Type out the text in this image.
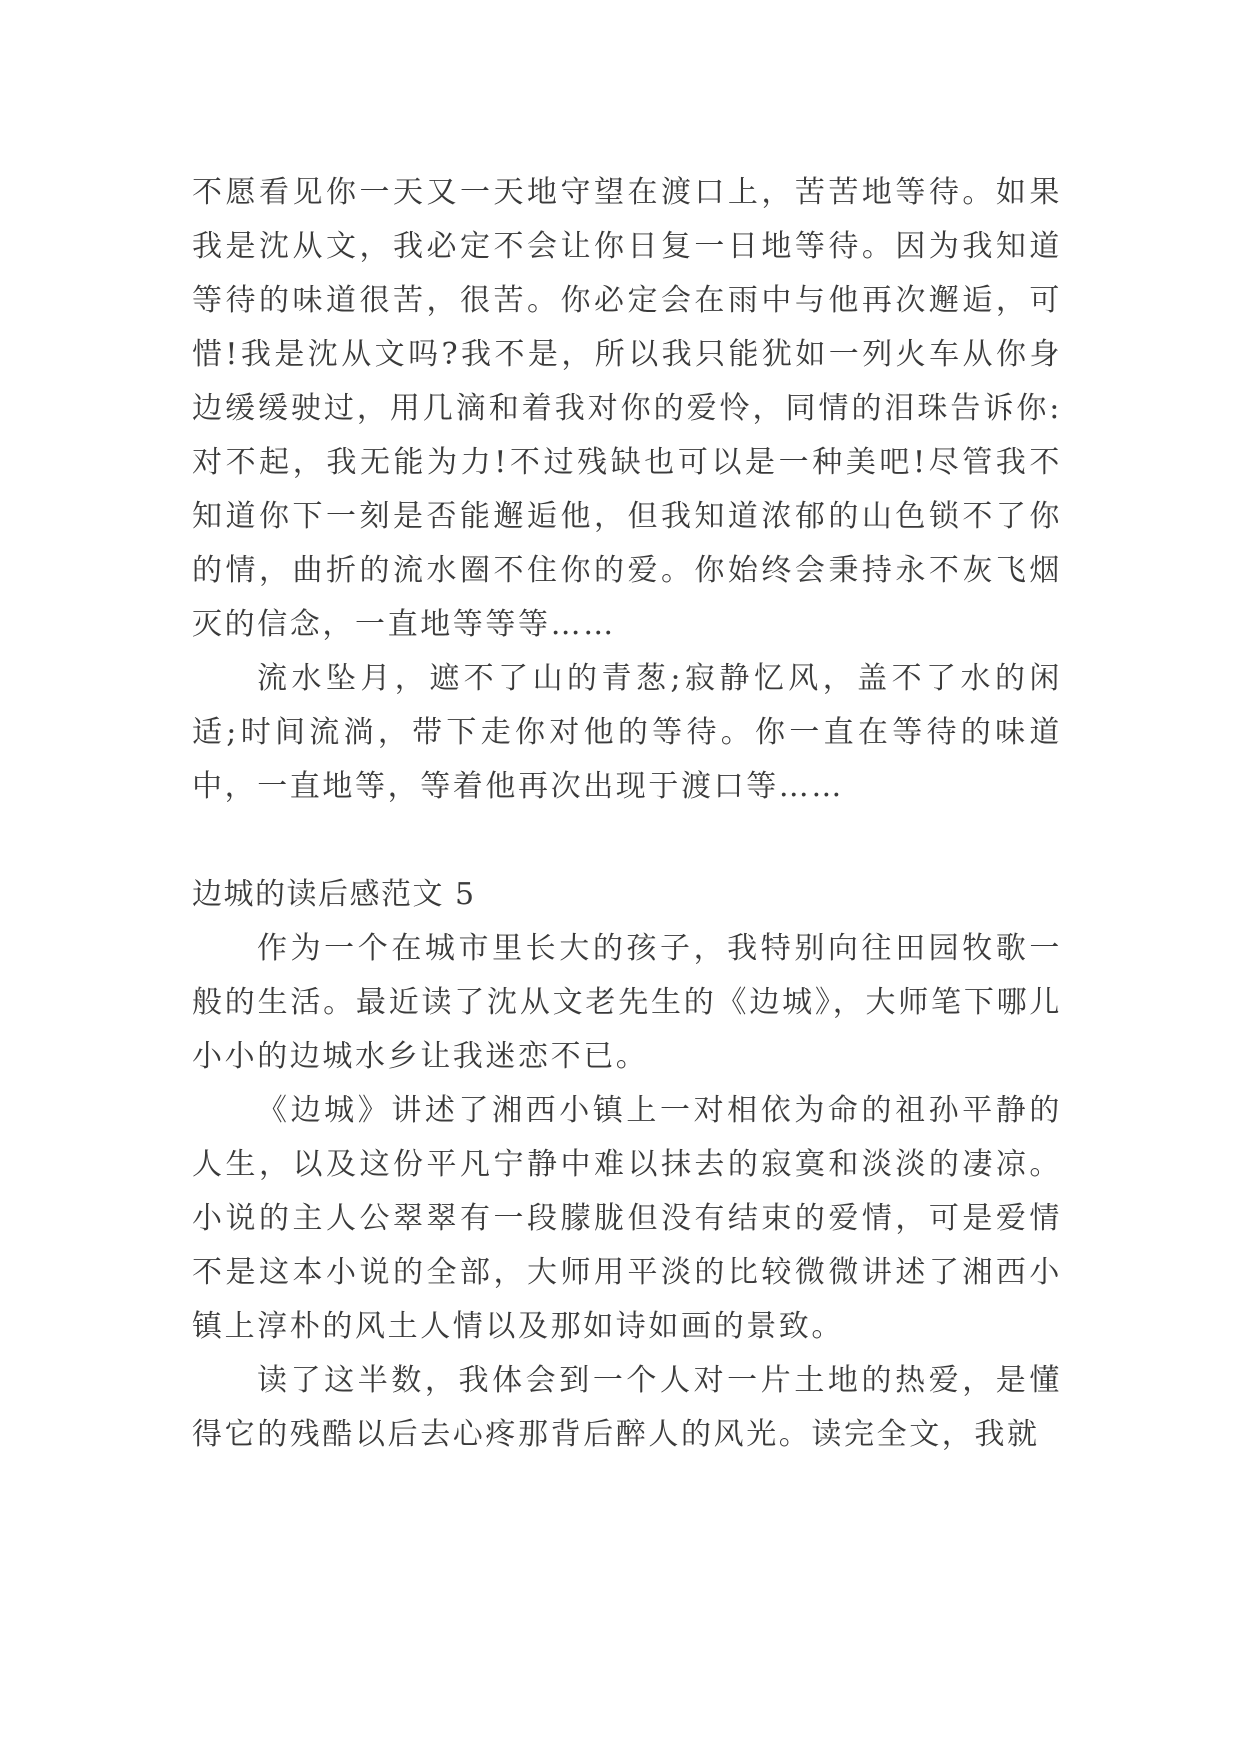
不愿看见你一天又一天地守望在渡口上，苦苦地等待。如果我是沈从文，我必定不会让你日复一日地等待。因为我知道等待的味道很苦，很苦。你必定会在雨中与他再次邂逅，可惜!我是沈从文吗?我不是，所以我只能犹如一列火车从你身边缓缓驶过，用几滴和着我对你的爱怜，同情的泪珠告诉你:对不起，我无能为力!不过残缺也可以是一种美吧!尽管我不知道你下一刻是否能邂逅他，但我知道浓郁的山色锁不了你的情，曲折的流水圈不住你的爱。你始终会秉持永不灰飞烟灭的信念，一直地等等等……

流水坠月，遮不了山的青葱;寂静忆风，盖不了水的闲适;时间流淌，带下走你对他的等待。你一直在等待的味道中，一直地等，等着他再次出现于渡口等……

边城的读后感范文 5

作为一个在城市里长大的孩子，我特别向往田园牧歌一般的生活。最近读了沈从文老先生的《边城》，大师笔下哪儿小小的边城水乡让我迷恋不已。

《边城》讲述了湘西小镇上一对相依为命的祖孙平静的人生，以及这份平凡宁静中难以抹去的寂寞和淡淡的凄凉。小说的主人公翠翠有一段朦胧但没有结束的爱情，可是爱情不是这本小说的全部，大师用平淡的比较微微讲述了湘西小镇上淳朴的风土人情以及那如诗如画的景致。

读了这半数，我体会到一个人对一片土地的热爱，是懂得它的残酷以后去心疼那背后醉人的风光。读完全文，我就
